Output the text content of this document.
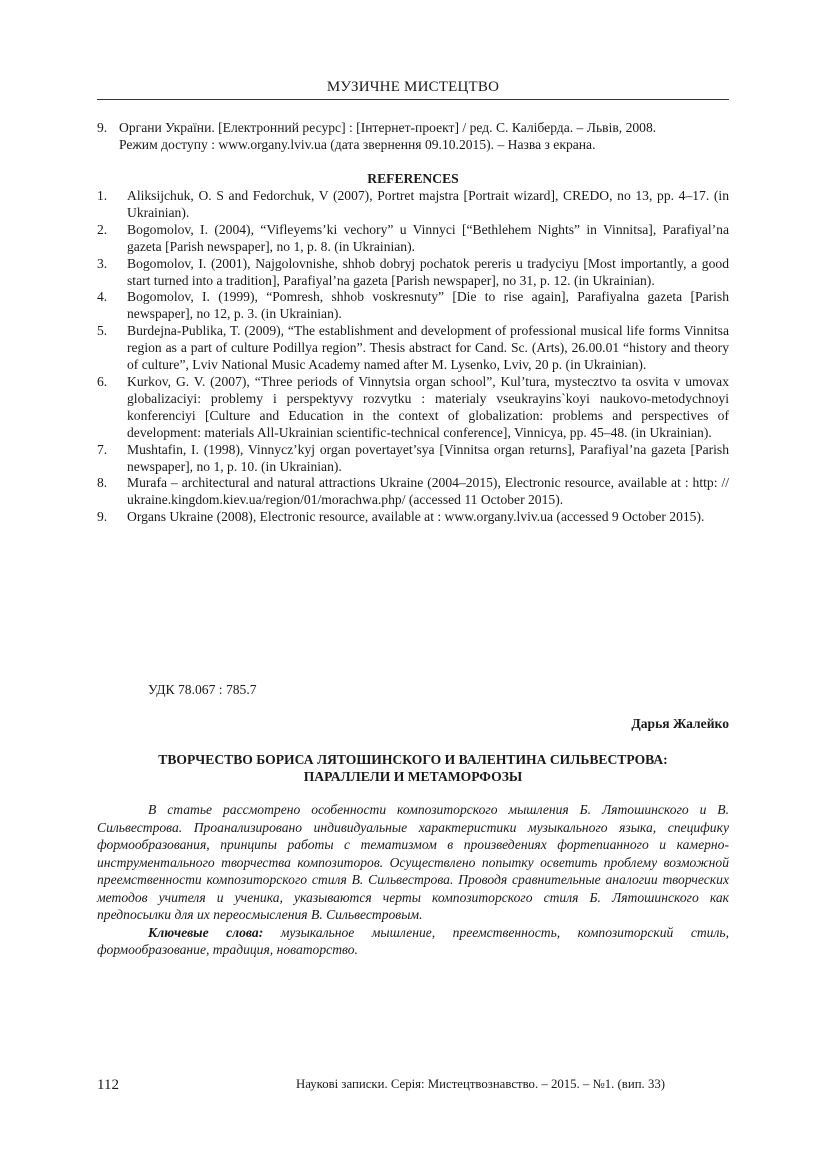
МУЗИЧНЕ МИСТЕЦТВО
9. Органи України. [Електронний ресурс] : [Інтернет-проект] / ред. С. Каліберда. – Львів, 2008.
Режим доступу : www.organy.lviv.ua (дата звернення 09.10.2015). – Назва з екрана.
REFERENCES
1.	Aliksijchuk, O. S and Fedorchuk, V (2007), Portret majstra [Portrait wizard], CREDO, no 13, pp. 4–17. (in Ukrainian).
2.	Bogomolov, I. (2004), “Vifleyems’ki vechory” u Vinnyci [“Bethlehem Nights” in Vinnitsa], Parafiyal’na gazeta [Parish newspaper], no 1, p. 8. (in Ukrainian).
3.	Bogomolov, I. (2001), Najgolovnishe, shhob dobryj pochatok pereris u tradycіyu [Most importantly, a good start turned into a tradition], Parafiyal’na gazeta [Parish newspaper], no 31, p. 12. (in Ukrainian).
4.	Bogomolov, I. (1999), “Pomresh, shhob voskresnuty” [Die to rise again], Parafiyalna gazeta [Parish newspaper], no 12, p. 3. (in Ukrainian).
5.	Burdejna-Publika, T. (2009), “The establishment and development of professional musical life forms Vinnitsa region as a part of culture Podillya region”. Thesis abstract for Cand. Sc. (Arts), 26.00.01 “history and theory of culture”, Lviv National Music Academy named after M. Lysenko, Lviv, 20 p. (in Ukrainian).
6.	Kurkov, G. V. (2007), “Three periods of Vinnytsia organ school”, Kul’tura, mystecztvo ta osvita v umovax globalizaciyi: problemy i perspektyvy rozvytku : materialy vseukrayins`koyi naukovo-metodychnoyi konferenciyi [Culture and Education in the context of globalization: problems and perspectives of development: materials All-Ukrainian scientific-technical conference], Vinnicya, pp. 45–48. (in Ukrainian).
7.	Mushtafin, I. (1998), Vinnycz’kyj organ povertayet’sya [Vinnitsa organ returns], Parafiyal’na gazeta [Parish newspaper], no 1, p. 10. (in Ukrainian).
8.	Murafa – architectural and natural attractions Ukraine (2004–2015), Electronic resource, available at : http: // ukraine.kingdom.kiev.ua/region/01/morachwa.php/ (accessed 11 October 2015).
9.	Organs Ukraine (2008), Electronic resource, available at : www.organy.lviv.ua (accessed 9 October 2015).
УДК 78.067 : 785.7
Дарья Жалейко
ТВОРЧЕСТВО БОРИСА ЛЯТОШИНСКОГО И ВАЛЕНТИНА СИЛЬВЕСТРОВА:
ПАРАЛЛЕЛИ И МЕТАМОРФОЗЫ

В статье рассмотрено особенности композиторского мышления Б. Лятошинского и В. Сильвестрова. Проанализировано индивидуальные характеристики музыкального языка, специфику формообразования, принципы работы с тематизмом в произведениях фортепианного и камерно-инструментального творчества композиторов. Осуществлено попытку осветить проблему возможной преемственности композиторского стиля В. Сильвестрова. Проводя сравнительные аналогии творческих методов учителя и ученика, указываются черты композиторского стиля Б. Лятошинского как предпосылки для их переосмысления В. Сильвестровым.

Ключевые слова: музыкальное мышление, преемственность, композиторский стиль, формообразование, традиция, новаторство.

112	Наукові записки. Серія: Мистецтвознавство. – 2015. – №1. (вип. 33)
